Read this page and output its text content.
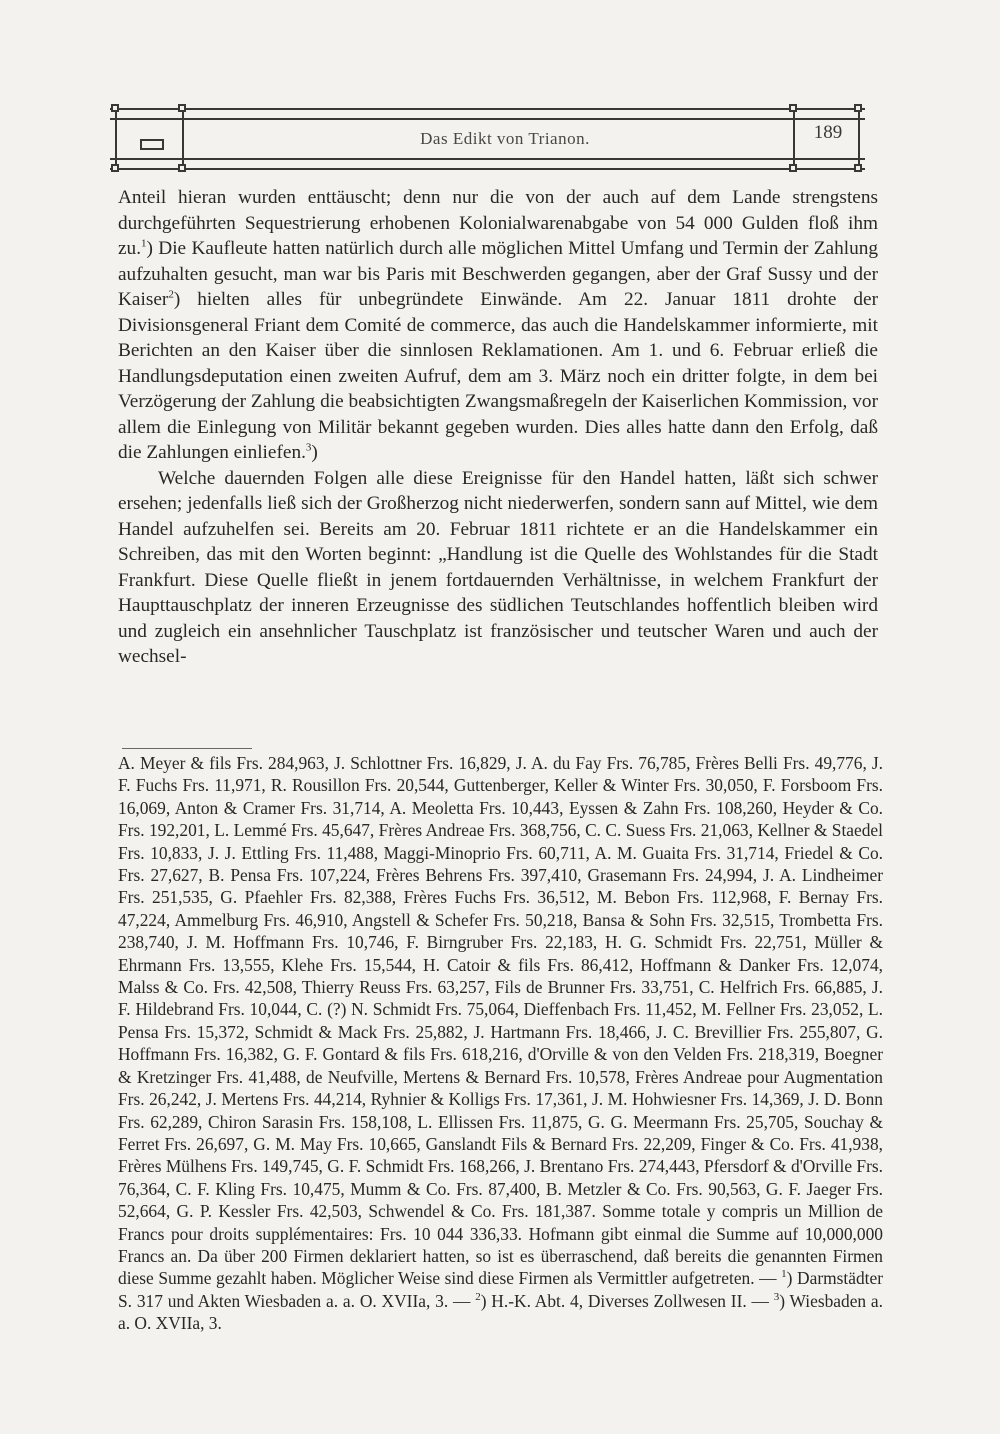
Das Edikt von Trianon.	189

Anteil hieran wurden enttäuscht; denn nur die von der auch auf dem Lande strengstens durchgeführten Sequestrierung erhobenen Kolonialwarenabgabe von 54 000 Gulden floß ihm zu.$^1$) Die Kaufleute hatten natürlich durch alle möglichen Mittel Umfang und Termin der Zahlung aufzuhalten gesucht, man war bis Paris mit Beschwerden gegangen, aber der Graf Sussy und der Kaiser$^2$) hielten alles für unbegründete Einwände. Am 22. Januar 1811 drohte der Divisionsgeneral Friant dem Comité de commerce, das auch die Handelskammer informierte, mit Berichten an den Kaiser über die sinnlosen Reklamationen. Am 1. und 6. Februar erließ die Handlungsdeputation einen zweiten Aufruf, dem am 3. März noch ein dritter folgte, in dem bei Verzögerung der Zahlung die beabsichtigten Zwangsmaßregeln der Kaiserlichen Kommission, vor allem die Einlegung von Militär bekannt gegeben wurden. Dies alles hatte dann den Erfolg, daß die Zahlungen einliefen.$^3$)

Welche dauernden Folgen alle diese Ereignisse für den Handel hatten, läßt sich schwer ersehen; jedenfalls ließ sich der Großherzog nicht niederwerfen, sondern sann auf Mittel, wie dem Handel aufzuhelfen sei. Bereits am 20. Februar 1811 richtete er an die Handelskammer ein Schreiben, das mit den Worten beginnt: „Handlung ist die Quelle des Wohlstandes für die Stadt Frankfurt. Diese Quelle fließt in jenem fortdauernden Verhältnisse, in welchem Frankfurt der Haupttauschplatz der inneren Erzeugnisse des südlichen Teutschlandes hoffentlich bleiben wird und zugleich ein ansehnlicher Tauschplatz ist französischer und teutscher Waren und auch der wechsel-

A. Meyer & fils Frs. 284,963, J. Schlottner Frs. 16,829, J. A. du Fay Frs. 76,785, Frères Belli Frs. 49,776, J. F. Fuchs Frs. 11,971, R. Rousillon Frs. 20,544, Guttenberger, Keller & Winter Frs. 30,050, F. Forsboom Frs. 16,069, Anton & Cramer Frs. 31,714, A. Meoletta Frs. 10,443, Eyssen & Zahn Frs. 108,260, Heyder & Co. Frs. 192,201, L. Lemmé Frs. 45,647, Frères Andreae Frs. 368,756, C. C. Suess Frs. 21,063, Kellner & Staedel Frs. 10,833, J. J. Ettling Frs. 11,488, Maggi-Minoprio Frs. 60,711, A. M. Guaita Frs. 31,714, Friedel & Co. Frs. 27,627, B. Pensa Frs. 107,224, Frères Behrens Frs. 397,410, Grasemann Frs. 24,994, J. A. Lindheimer Frs. 251,535, G. Pfaehler Frs. 82,388, Frères Fuchs Frs. 36,512, M. Bebon Frs. 112,968, F. Bernay Frs. 47,224, Ammelburg Frs. 46,910, Angstell & Schefer Frs. 50,218, Bansa & Sohn Frs. 32,515, Trombetta Frs. 238,740, J. M. Hoffmann Frs. 10,746, F. Birngruber Frs. 22,183, H. G. Schmidt Frs. 22,751, Müller & Ehrmann Frs. 13,555, Klehe Frs. 15,544, H. Catoir & fils Frs. 86,412, Hoffmann & Danker Frs. 12,074, Malss & Co. Frs. 42,508, Thierry Reuss Frs. 63,257, Fils de Brunner Frs. 33,751, C. Helfrich Frs. 66,885, J. F. Hildebrand Frs. 10,044, C. (?) N. Schmidt Frs. 75,064, Dieffenbach Frs. 11,452, M. Fellner Frs. 23,052, L. Pensa Frs. 15,372, Schmidt & Mack Frs. 25,882, J. Hartmann Frs. 18,466, J. C. Brevillier Frs. 255,807, G. Hoffmann Frs. 16,382, G. F. Gontard & fils Frs. 618,216, d'Orville & von den Velden Frs. 218,319, Boegner & Kretzinger Frs. 41,488, de Neufville, Mertens & Bernard Frs. 10,578, Frères Andreae pour Augmentation Frs. 26,242, J. Mertens Frs. 44,214, Ryhnier & Kolligs Frs. 17,361, J. M. Hohwiesner Frs. 14,369, J. D. Bonn Frs. 62,289, Chiron Sarasin Frs. 158,108, L. Ellissen Frs. 11,875, G. G. Meermann Frs. 25,705, Souchay & Ferret Frs. 26,697, G. M. May Frs. 10,665, Ganslandt Fils & Bernard Frs. 22,209, Finger & Co. Frs. 41,938, Frères Mülhens Frs. 149,745, G. F. Schmidt Frs. 168,266, J. Brentano Frs. 274,443, Pfersdorf & d'Orville Frs. 76,364, C. F. Kling Frs. 10,475, Mumm & Co. Frs. 87,400, B. Metzler & Co. Frs. 90,563, G. F. Jaeger Frs. 52,664, G. P. Kessler Frs. 42,503, Schwendel & Co. Frs. 181,387. Somme totale y compris un Million de Francs pour droits supplémentaires: Frs. 10 044 336,33. Hofmann gibt einmal die Summe auf 10,000,000 Francs an. Da über 200 Firmen deklariert hatten, so ist es überraschend, daß bereits die genannten Firmen diese Summe gezahlt haben. Möglicher Weise sind diese Firmen als Vermittler aufgetreten. — $^1$) Darmstädter S. 317 und Akten Wiesbaden a. a. O. XVIIa, 3. — $^2$) H.-K. Abt. 4, Diverses Zollwesen II. — $^3$) Wiesbaden a. a. O. XVIIa, 3.
